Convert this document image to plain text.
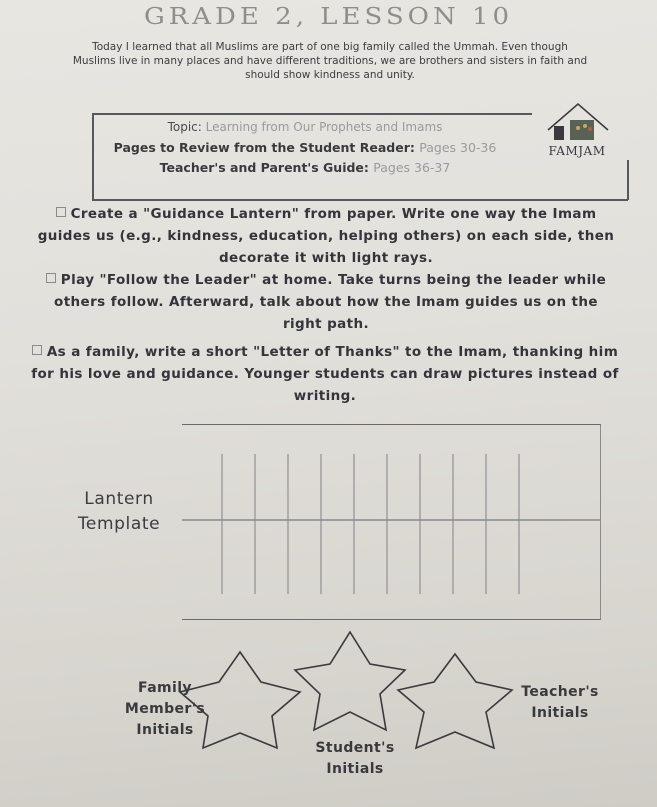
GRADE 2, LESSON 10
Today I learned that all Muslims are part of one big family called the Ummah. Even though Muslims live in many places and have different traditions, we are brothers and sisters in faith and should show kindness and unity.
Topic: Learning from Our Prophets and Imams
Pages to Review from the Student Reader: Pages 30-36
Teacher's and Parent's Guide: Pages 36-37
FAMJAM
Create a "Guidance Lantern" from paper. Write one way the Imam guides us (e.g., kindness, education, helping others) on each side, then decorate it with light rays.
Play "Follow the Leader" at home. Take turns being the leader while others follow. Afterward, talk about how the Imam guides us on the right path.
As a family, write a short "Letter of Thanks" to the Imam, thanking him for his love and guidance. Younger students can draw pictures instead of writing.
Lantern
Template
Family
Member's
Initials
Student's
Initials
Teacher's
Initials
